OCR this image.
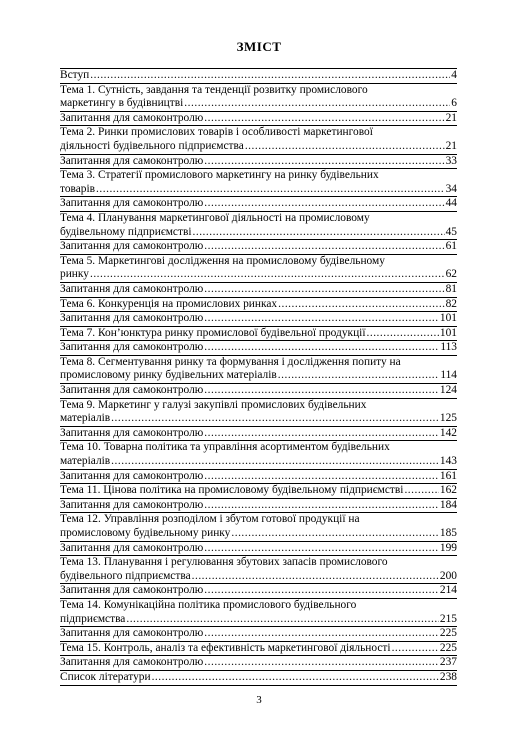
ЗМІСТ
Вступ .....	4
Тема 1. Сутність, завдання та тенденції розвитку промислового
маркетингу в будівництві .....	6
Запитання для самоконтролю .....	21
Тема 2. Ринки промислових товарів і особливості маркетингової
діяльності будівельного підприємства .....	21
Запитання для самоконтролю .....	33
Тема 3. Стратегії промислового маркетингу на ринку будівельних
товарів .....	34
Запитання для самоконтролю .....	44
Тема 4. Планування маркетингової діяльності на промисловому
будівельному підприємстві .....	45
Запитання для самоконтролю .....	61
Тема 5. Маркетингові дослідження на промисловому будівельному
ринку .....	62
Запитання для самоконтролю .....	81
Тема 6. Конкуренція на промислових ринках .....	82
Запитання для самоконтролю .....	101
Тема 7. Кон’юнктура ринку промислової будівельної продукції .....	101
Запитання для самоконтролю .....	113
Тема 8. Сегментування ринку та формування і дослідження попиту на
промисловому ринку будівельних матеріалів .....	114
Запитання для самоконтролю .....	124
Тема 9. Маркетинг у галузі закупівлі промислових будівельних
матеріалів .....	125
Запитання для самоконтролю .....	142
Тема 10. Товарна політика та управління асортиментом будівельних
матеріалів .....	143
Запитання для самоконтролю .....	161
Тема 11. Цінова політика на промисловому будівельному підприємстві .....	162
Запитання для самоконтролю .....	184
Тема 12. Управління розподілом і збутом готової продукції на
промисловому будівельному ринку .....	185
Запитання для самоконтролю .....	199
Тема 13. Планування і регулювання збутових запасів промислового
будівельного підприємства .....	200
Запитання для самоконтролю .....	214
Тема 14. Комунікаційна політика промислового будівельного
підприємства .....	215
Запитання для самоконтролю .....	225
Тема 15. Контроль, аналіз та ефективність маркетингової діяльності .....	225
Запитання для самоконтролю .....	237
Список літератури .....	238
3
